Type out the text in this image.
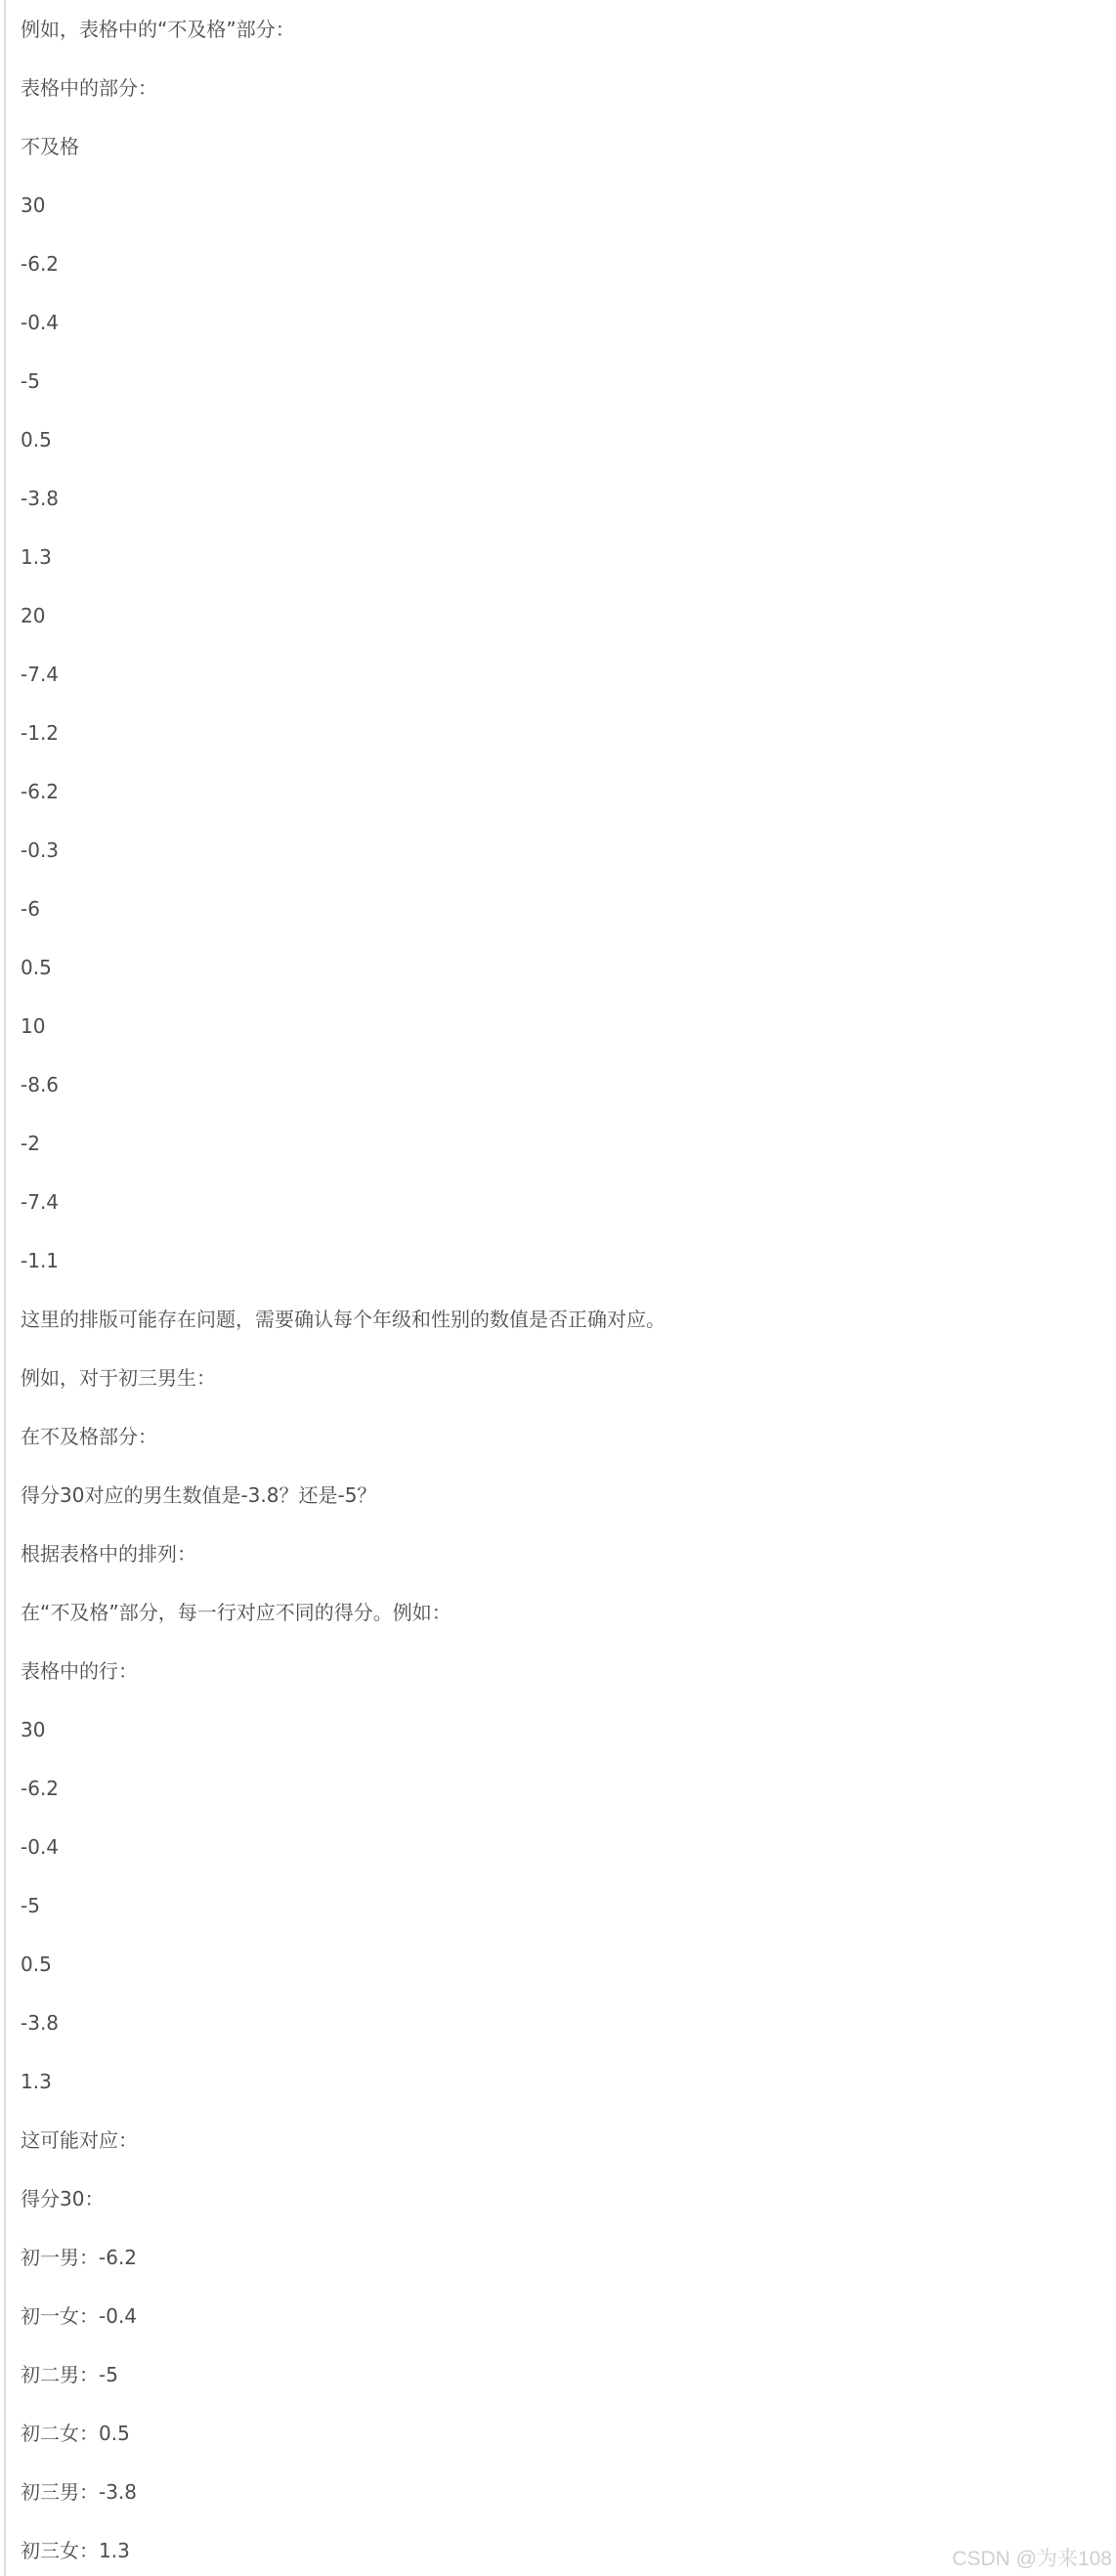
例如，表格中的“不及格”部分：
表格中的部分：
不及格
30
-6.2
-0.4
-5
0.5
-3.8
1.3
20
-7.4
-1.2
-6.2
-0.3
-6
0.5
10
-8.6
-2
-7.4
-1.1
这里的排版可能存在问题，需要确认每个年级和性别的数值是否正确对应。
例如，对于初三男生：
在不及格部分：
得分30对应的男生数值是-3.8？还是-5？
根据表格中的排列：
在“不及格”部分，每一行对应不同的得分。例如：
表格中的行：
30
-6.2
-0.4
-5
0.5
-3.8
1.3
这可能对应：
得分30：
初一男：-6.2
初一女：-0.4
初二男：-5
初二女：0.5
初三男：-3.8
初三女：1.3	CSDN @为来108
